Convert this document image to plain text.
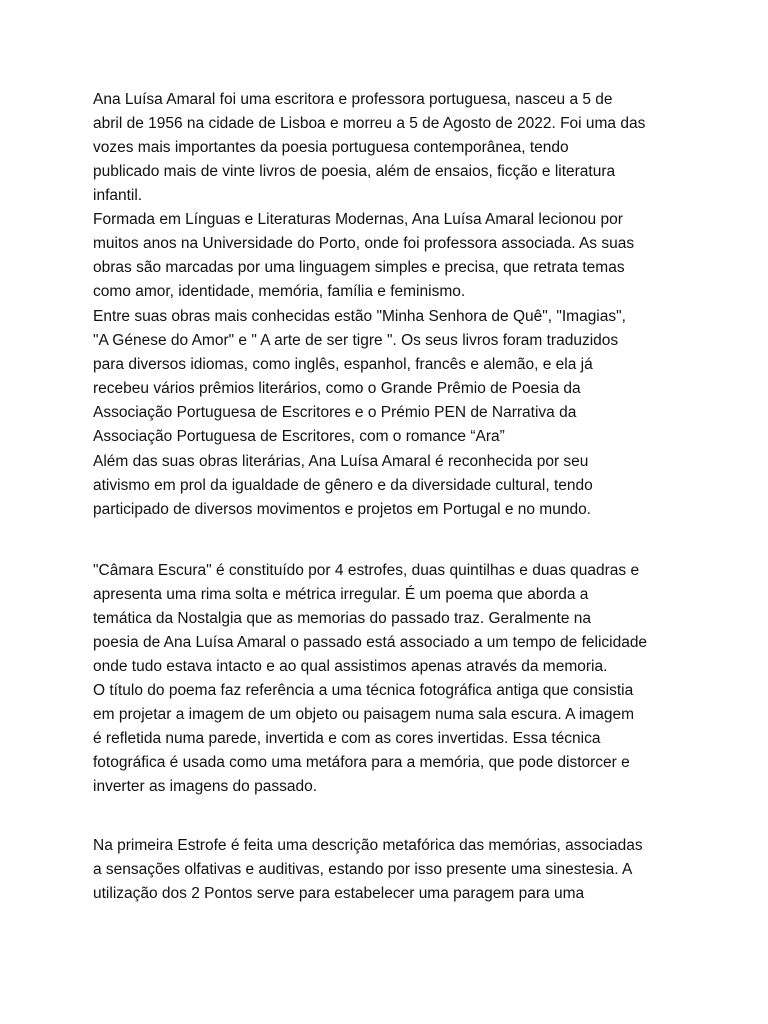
Ana Luísa Amaral foi uma escritora e professora portuguesa, nasceu a 5 de
abril de 1956 na cidade de Lisboa e morreu a 5 de Agosto de 2022. Foi uma das
vozes mais importantes da poesia portuguesa contemporânea, tendo
publicado mais de vinte livros de poesia, além de ensaios, ficção e literatura
infantil.

Formada em Línguas e Literaturas Modernas, Ana Luísa Amaral lecionou por
muitos anos na Universidade do Porto, onde foi professora associada. As suas
obras são marcadas por uma linguagem simples e precisa, que retrata temas
como amor, identidade, memória, família e feminismo.

Entre suas obras mais conhecidas estão "Minha Senhora de Quê", "Imagias",
"A Génese do Amor" e " A arte de ser tigre ". Os seus livros foram traduzidos
para diversos idiomas, como inglês, espanhol, francês e alemão, e ela já
recebeu vários prêmios literários, como o Grande Prêmio de Poesia da
Associação Portuguesa de Escritores e o Prémio PEN de Narrativa da
Associação Portuguesa de Escritores, com o romance “Ara”

Além das suas obras literárias, Ana Luísa Amaral é reconhecida por seu
ativismo em prol da igualdade de gênero e da diversidade cultural, tendo
participado de diversos movimentos e projetos em Portugal e no mundo.

"Câmara Escura" é constituído por 4 estrofes, duas quintilhas e duas quadras e
apresenta uma rima solta e métrica irregular. É um poema que aborda a
temática da Nostalgia que as memorias do passado traz. Geralmente na
poesia de Ana Luísa Amaral o passado está associado a um tempo de felicidade
onde tudo estava intacto e ao qual assistimos apenas através da memoria.

O título do poema faz referência a uma técnica fotográfica antiga que consistia
em projetar a imagem de um objeto ou paisagem numa sala escura. A imagem
é refletida numa parede, invertida e com as cores invertidas. Essa técnica
fotográfica é usada como uma metáfora para a memória, que pode distorcer e
inverter as imagens do passado.

Na primeira Estrofe é feita uma descrição metafórica das memórias, associadas
a sensações olfativas e auditivas, estando por isso presente uma sinestesia. A
utilização dos 2 Pontos serve para estabelecer uma paragem para uma
